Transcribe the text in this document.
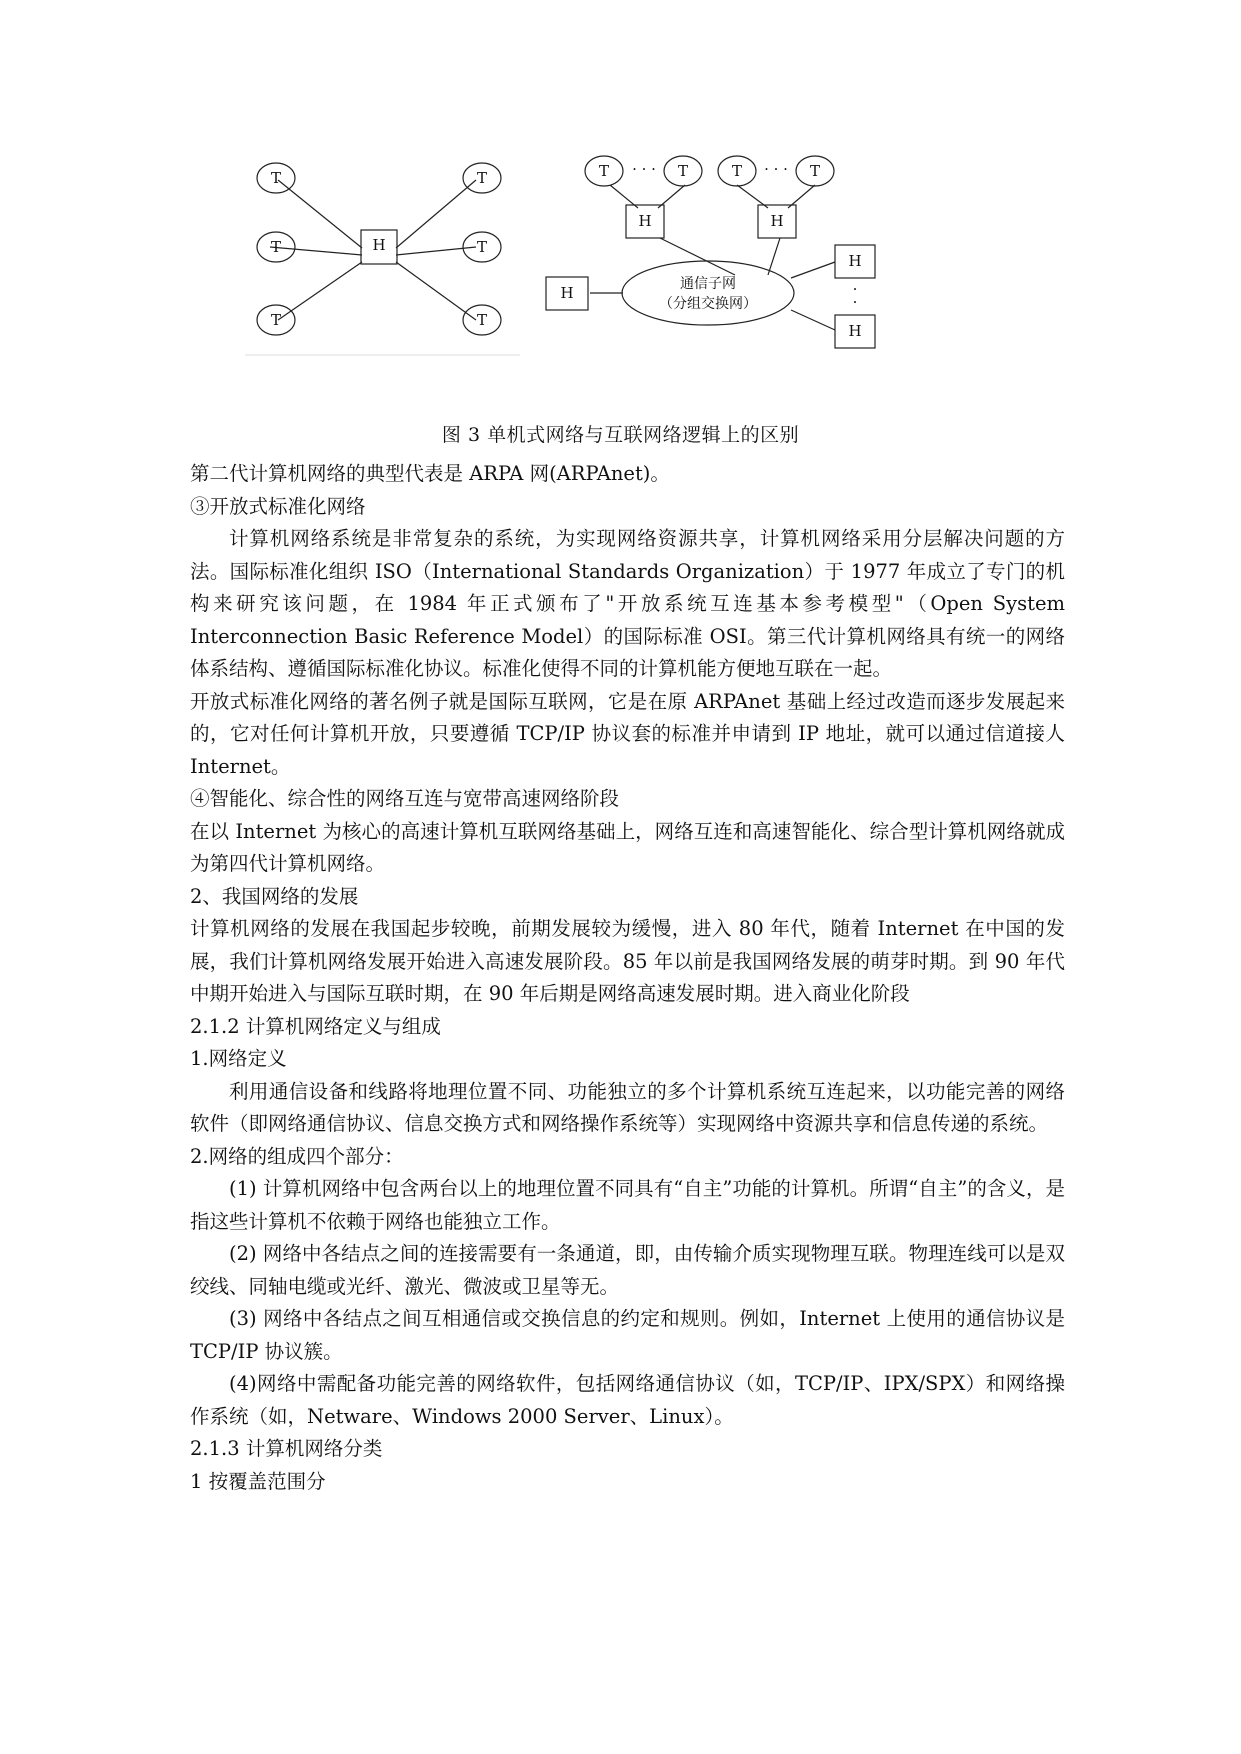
T
T
T
T
T
T
H
T	T	T	T
· · ·	· · ·
H	H
H
H
H
·
·
通信子网
（分组交换网）
图 3 单机式网络与互联网络逻辑上的区别

第二代计算机网络的典型代表是 ARPA 网(ARPAnet)。

③开放式标准化网络

计算机网络系统是非常复杂的系统，为实现网络资源共享，计算机网络采用分层解决问题的方法。国际标准化组织 ISO（International Standards Organization）于 1977 年成立了专门的机构来研究该问题，在 1984 年正式颁布了"开放系统互连基本参考模型"（Open System Interconnection Basic Reference Model）的国际标准 OSI。第三代计算机网络具有统一的网络体系结构、遵循国际标准化协议。标准化使得不同的计算机能方便地互联在一起。

开放式标准化网络的著名例子就是国际互联网，它是在原 ARPAnet 基础上经过改造而逐步发展起来的，它对任何计算机开放，只要遵循 TCP/IP 协议套的标准并申请到 IP 地址，就可以通过信道接人 Internet。

④智能化、综合性的网络互连与宽带高速网络阶段

在以 Internet 为核心的高速计算机互联网络基础上，网络互连和高速智能化、综合型计算机网络就成为第四代计算机网络。

2、我国网络的发展

计算机网络的发展在我国起步较晚，前期发展较为缓慢，进入 80 年代，随着 Internet 在中国的发展，我们计算机网络发展开始进入高速发展阶段。85 年以前是我国网络发展的萌芽时期。到 90 年代中期开始进入与国际互联时期，在 90 年后期是网络高速发展时期。进入商业化阶段

2.1.2 计算机网络定义与组成

1.网络定义

利用通信设备和线路将地理位置不同、功能独立的多个计算机系统互连起来，以功能完善的网络软件（即网络通信协议、信息交换方式和网络操作系统等）实现网络中资源共享和信息传递的系统。

2.网络的组成四个部分：

(1) 计算机网络中包含两台以上的地理位置不同具有“自主”功能的计算机。所谓“自主”的含义，是指这些计算机不依赖于网络也能独立工作。

(2) 网络中各结点之间的连接需要有一条通道，即，由传输介质实现物理互联。物理连线可以是双绞线、同轴电缆或光纤、激光、微波或卫星等无。

(3) 网络中各结点之间互相通信或交换信息的约定和规则。例如，Internet 上使用的通信协议是 TCP/IP 协议簇。

(4)网络中需配备功能完善的网络软件，包括网络通信协议（如，TCP/IP、IPX/SPX）和网络操作系统（如，Netware、Windows 2000 Server、Linux）。

2.1.3 计算机网络分类

1 按覆盖范围分
